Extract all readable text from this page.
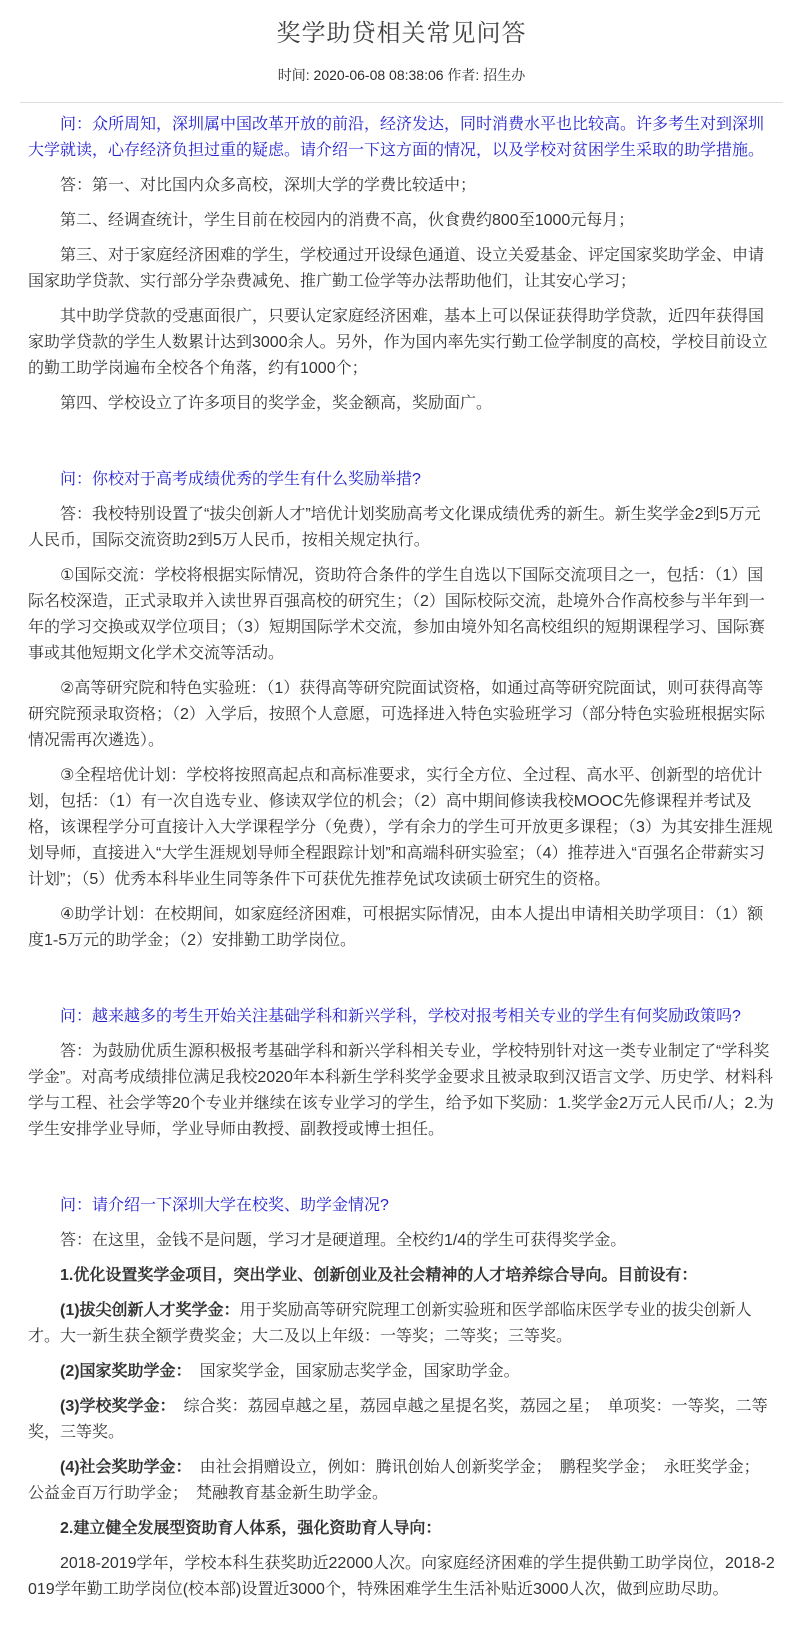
奖学助贷相关常见问答
时间: 2020-06-08 08:38:06 作者: 招生办

问：众所周知，深圳属中国改革开放的前沿，经济发达，同时消费水平也比较高。许多考生对到深圳大学就读，心存经济负担过重的疑虑。请介绍一下这方面的情况，以及学校对贫困学生采取的助学措施。

答：第一、对比国内众多高校，深圳大学的学费比较适中；

第二、经调查统计，学生目前在校园内的消费不高，伙食费约800至1000元每月；

第三、对于家庭经济困难的学生，学校通过开设绿色通道、设立关爱基金、评定国家奖助学金、申请国家助学贷款、实行部分学杂费减免、推广勤工俭学等办法帮助他们，让其安心学习；

其中助学贷款的受惠面很广，只要认定家庭经济困难，基本上可以保证获得助学贷款，近四年获得国家助学贷款的学生人数累计达到3000余人。另外，作为国内率先实行勤工俭学制度的高校，学校目前设立的勤工助学岗遍布全校各个角落，约有1000个；

第四、学校设立了许多项目的奖学金，奖金额高，奖励面广。

问：你校对于高考成绩优秀的学生有什么奖励举措?

答：我校特别设置了“拔尖创新人才”培优计划奖励高考文化课成绩优秀的新生。新生奖学金2到5万元人民币，国际交流资助2到5万人民币，按相关规定执行。

①国际交流：学校将根据实际情况，资助符合条件的学生自选以下国际交流项目之一，包括：（1）国际名校深造，正式录取并入读世界百强高校的研究生；（2）国际校际交流，赴境外合作高校参与半年到一年的学习交换或双学位项目；（3）短期国际学术交流，参加由境外知名高校组织的短期课程学习、国际赛事或其他短期文化学术交流等活动。

②高等研究院和特色实验班：（1）获得高等研究院面试资格，如通过高等研究院面试，则可获得高等研究院预录取资格；（2）入学后，按照个人意愿，可选择进入特色实验班学习（部分特色实验班根据实际情况需再次遴选）。

③全程培优计划：学校将按照高起点和高标准要求，实行全方位、全过程、高水平、创新型的培优计划，包括：（1）有一次自选专业、修读双学位的机会；（2）高中期间修读我校MOOC先修课程并考试及格，该课程学分可直接计入大学课程学分（免费），学有余力的学生可开放更多课程；（3）为其安排生涯规划导师，直接进入“大学生涯规划导师全程跟踪计划”和高端科研实验室；（4）推荐进入“百强名企带薪实习计划”；（5）优秀本科毕业生同等条件下可获优先推荐免试攻读硕士研究生的资格。

④助学计划：在校期间，如家庭经济困难，可根据实际情况，由本人提出申请相关助学项目：（1）额度1-5万元的助学金；（2）安排勤工助学岗位。

问：越来越多的考生开始关注基础学科和新兴学科，学校对报考相关专业的学生有何奖励政策吗?

答：为鼓励优质生源积极报考基础学科和新兴学科相关专业，学校特别针对这一类专业制定了“学科奖学金”。对高考成绩排位满足我校2020年本科新生学科奖学金要求且被录取到汉语言文学、历史学、材料科学与工程、社会学等20个专业并继续在该专业学习的学生，给予如下奖励：1.奖学金2万元人民币/人；2.为学生安排学业导师，学业导师由教授、副教授或博士担任。

问：请介绍一下深圳大学在校奖、助学金情况?

答：在这里，金钱不是问题，学习才是硬道理。全校约1/4的学生可获得奖学金。

1.优化设置奖学金项目，突出学业、创新创业及社会精神的人才培养综合导向。目前设有：

(1)拔尖创新人才奖学金：用于奖励高等研究院理工创新实验班和医学部临床医学专业的拔尖创新人才。大一新生获全额学费奖金；大二及以上年级：一等奖；二等奖；三等奖。

(2)国家奖助学金：　国家奖学金，国家励志奖学金，国家助学金。

(3)学校奖学金：　综合奖：荔园卓越之星，荔园卓越之星提名奖，荔园之星；　单项奖：一等奖，二等奖，三等奖。

(4)社会奖助学金：　由社会捐赠设立，例如：腾讯创始人创新奖学金；　鹏程奖学金；　永旺奖学金；　公益金百万行助学金；　梵融教育基金新生助学金。

2.建立健全发展型资助育人体系，强化资助育人导向：

2018-2019学年，学校本科生获奖助近22000人次。向家庭经济困难的学生提供勤工助学岗位，2018-2019学年勤工助学岗位(校本部)设置近3000个，特殊困难学生生活补贴近3000人次，做到应助尽助。
